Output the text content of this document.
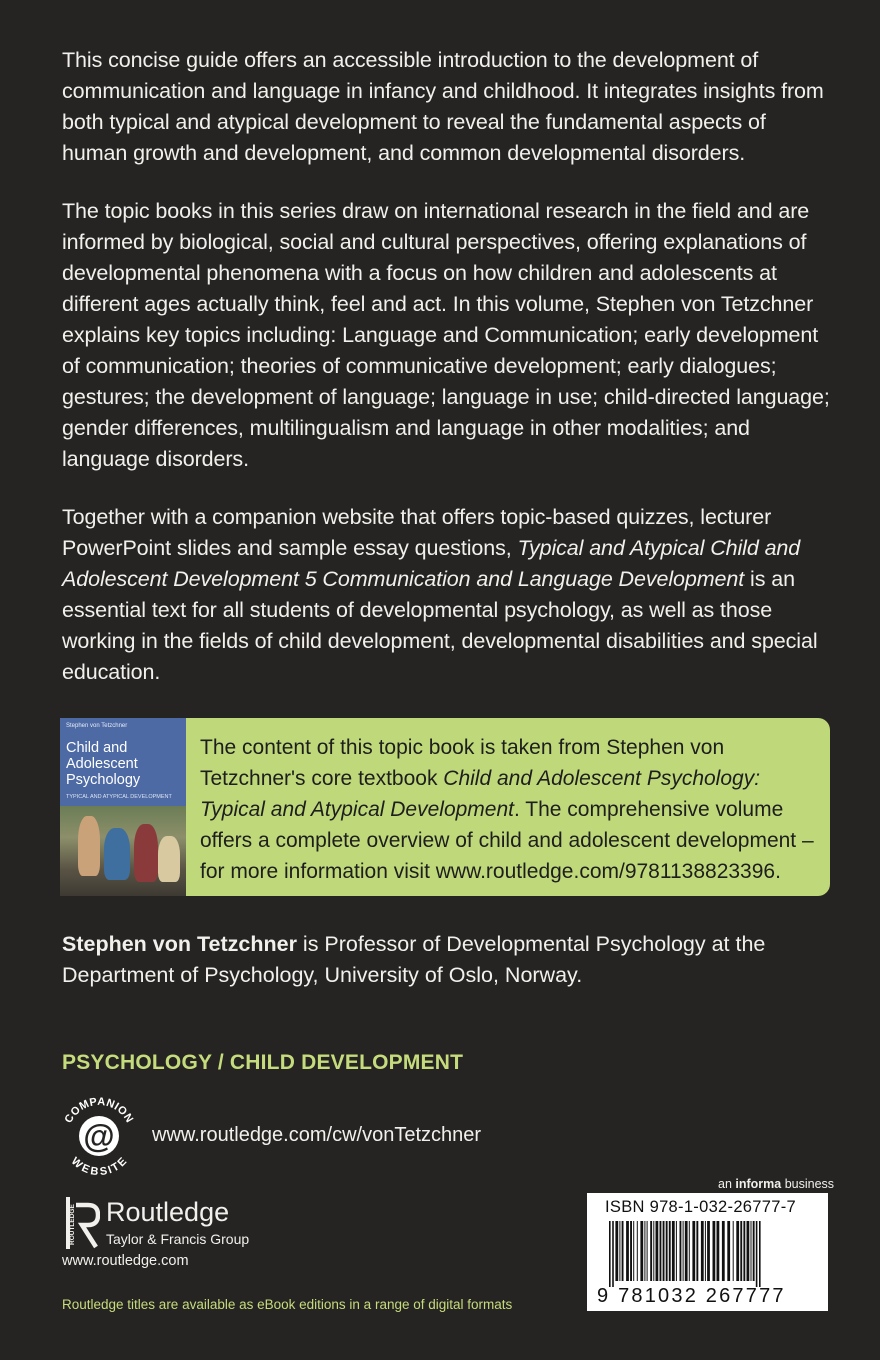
This concise guide offers an accessible introduction to the development of communication and language in infancy and childhood. It integrates insights from both typical and atypical development to reveal the fundamental aspects of human growth and development, and common developmental disorders.

The topic books in this series draw on international research in the field and are informed by biological, social and cultural perspectives, offering explanations of developmental phenomena with a focus on how children and adolescents at different ages actually think, feel and act. In this volume, Stephen von Tetzchner explains key topics including: Language and Communication; early development of communication; theories of communicative development; early dialogues; gestures; the development of language; language in use; child-directed language; gender differences, multilingualism and language in other modalities; and language disorders.

Together with a companion website that offers topic-based quizzes, lecturer PowerPoint slides and sample essay questions, Typical and Atypical Child and Adolescent Development 5 Communication and Language Development is an essential text for all students of developmental psychology, as well as those working in the fields of child development, developmental disabilities and special education.

Stephen von Tetzchner
Child and Adolescent Psychology
TYPICAL AND ATYPICAL DEVELOPMENT

The content of this topic book is taken from Stephen von Tetzchner's core textbook Child and Adolescent Psychology: Typical and Atypical Development. The comprehensive volume offers a complete overview of child and adolescent development – for more information visit www.routledge.com/9781138823396.

Stephen von Tetzchner is Professor of Developmental Psychology at the Department of Psychology, University of Oslo, Norway.

PSYCHOLOGY / CHILD DEVELOPMENT
@
COMPANION
WEBSITE
www.routledge.com/cw/vonTetzchner
ROUTLEDGE Routledge
Taylor & Francis Group
www.routledge.com
an informa business
ISBN 978-1-032-26777-7
9 781032 267777
Routledge titles are available as eBook editions in a range of digital formats
